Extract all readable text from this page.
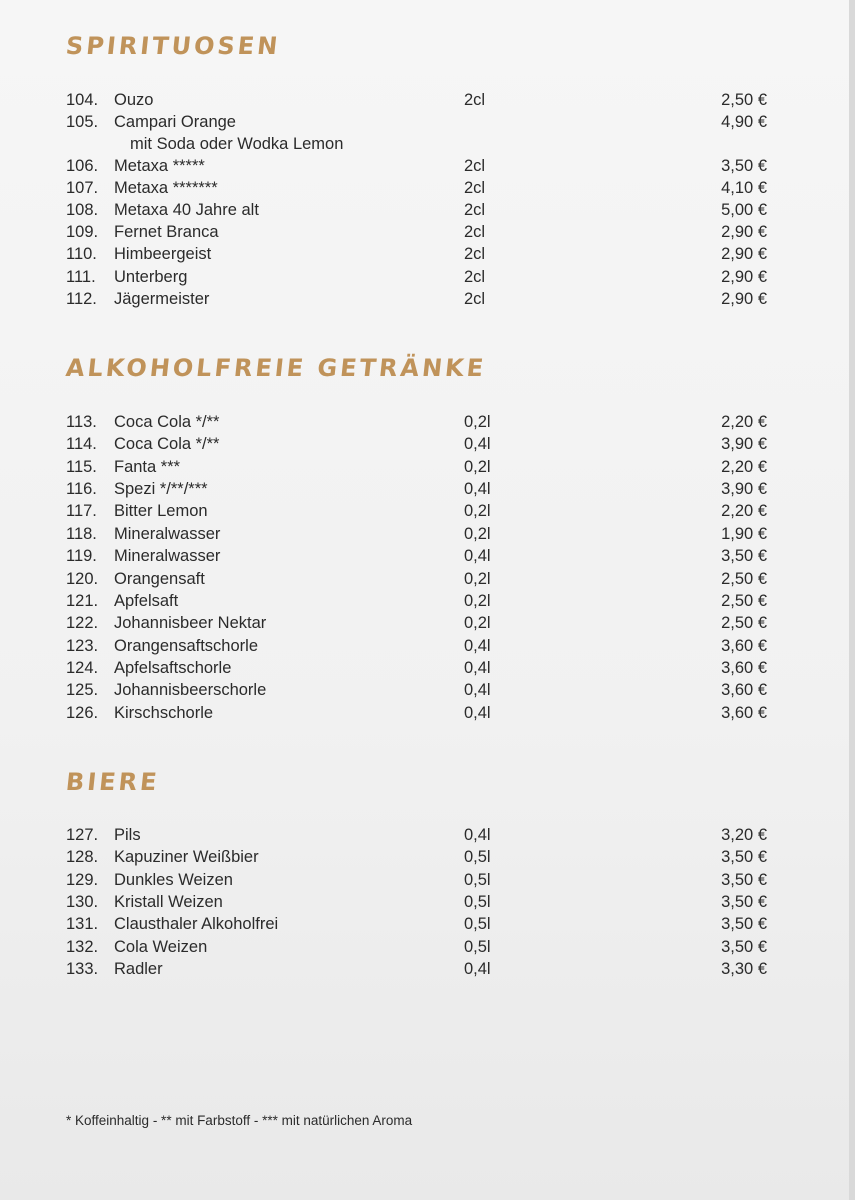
SPIRITUOSEN
104. Ouzo	2cl	2,50 €
105. Campari Orange	4,90 €
mit Soda oder Wodka Lemon
106. Metaxa *****	2cl	3,50 €
107. Metaxa *******	2cl	4,10 €
108. Metaxa 40 Jahre alt	2cl	5,00 €
109. Fernet Branca	2cl	2,90 €
110.	Himbeergeist	2cl	2,90 €
111.	Unterberg	2cl	2,90 €
112.	Jägermeister	2cl	2,90 €
ALKOHOLFREIE GETRÄNKE
113.	Coca Cola */**	0,2l	2,20 €
114.	Coca Cola */**	0,4l	3,90 €
115.	Fanta ***	0,2l	2,20 €
116.	Spezi */**/***	0,4l	3,90 €
117.	Bitter Lemon	0,2l	2,20 €
118.	Mineralwasser	0,2l	1,90 €
119.	Mineralwasser	0,4l	3,50 €
120. Orangensaft	0,2l	2,50 €
121. Apfelsaft	0,2l	2,50 €
122. Johannisbeer Nektar	0,2l	2,50 €
123. Orangensaftschorle	0,4l	3,60 €
124. Apfelsaftschorle	0,4l	3,60 €
125. Johannisbeerschorle	0,4l	3,60 €
126. Kirschschorle	0,4l	3,60 €
BIERE
127. Pils	0,4l	3,20 €
128. Kapuziner Weißbier	0,5l	3,50 €
129. Dunkles Weizen	0,5l	3,50 €
130. Kristall Weizen	0,5l	3,50 €
131. Clausthaler Alkoholfrei	0,5l	3,50 €
132. Cola Weizen	0,5l	3,50 €
133. Radler	0,4l	3,30 €
* Koffeinhaltig - ** mit Farbstoff - *** mit natürlichen Aroma
